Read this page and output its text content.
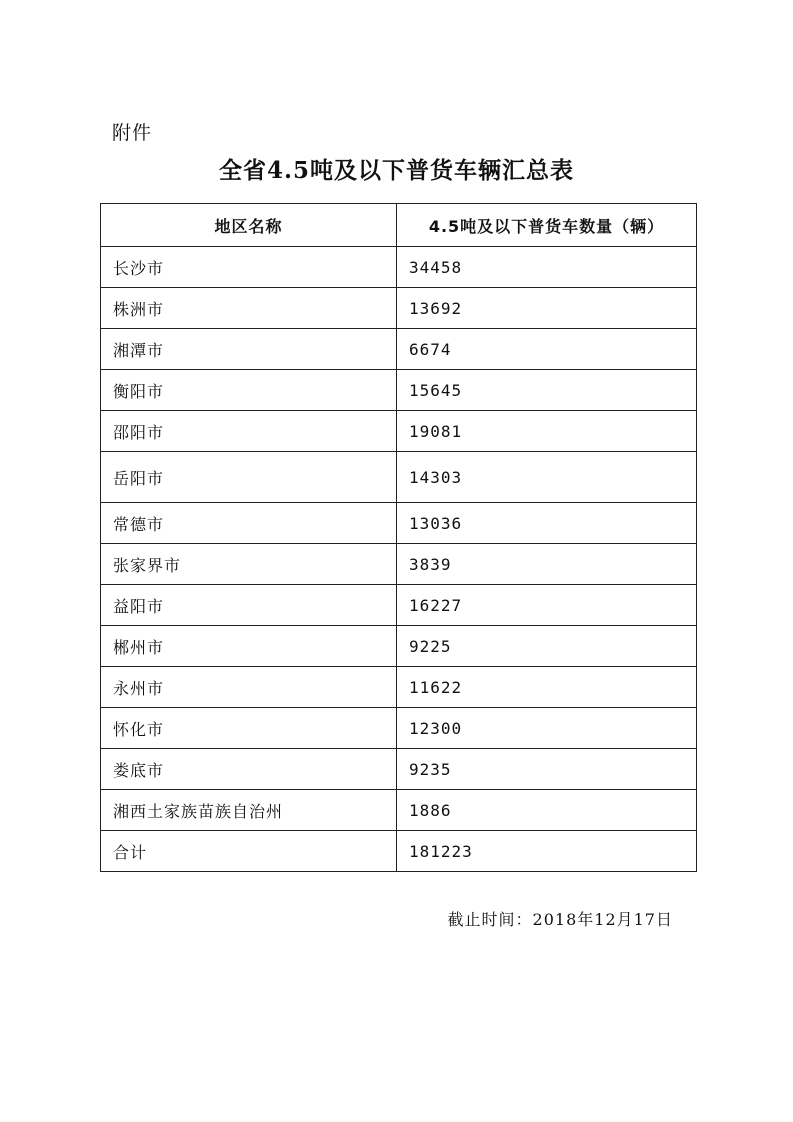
附件
全省4.5吨及以下普货车辆汇总表
地区名称	4.5吨及以下普货车数量（辆）
长沙市	34458
株洲市	13692
湘潭市	6674
衡阳市	15645
邵阳市	19081
岳阳市	14303
常德市	13036
张家界市	3839
益阳市	16227
郴州市	9225
永州市	11622
怀化市	12300
娄底市	9235
湘西土家族苗族自治州	1886
合计	181223
截止时间：2018年12月17日
